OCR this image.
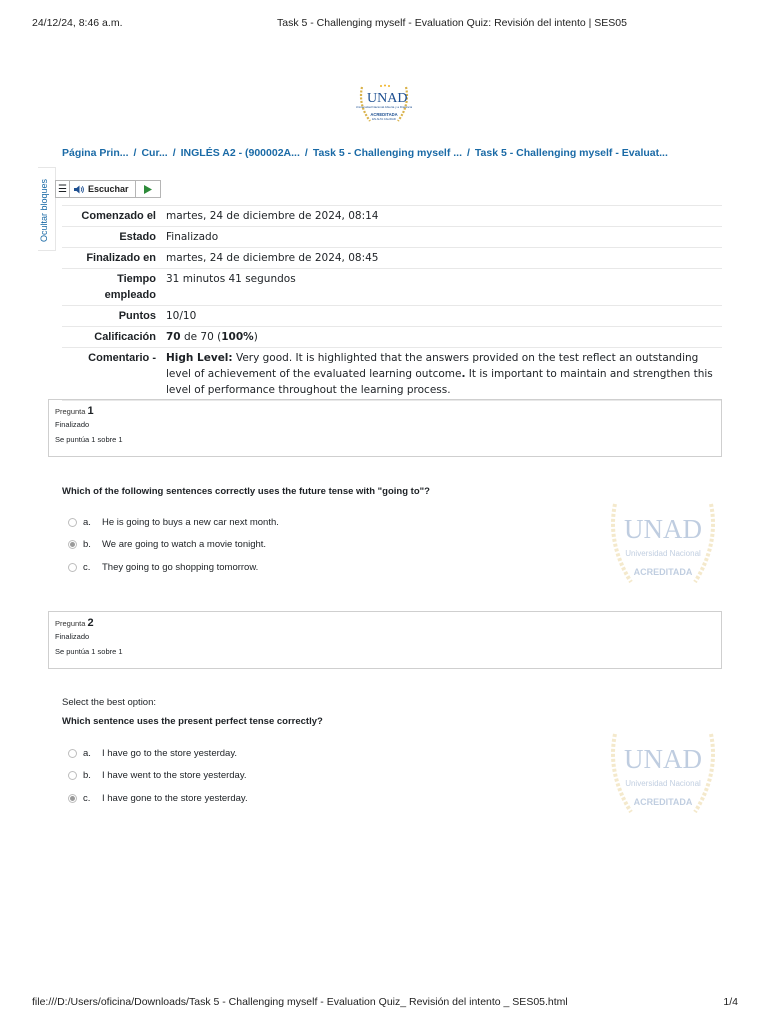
24/12/24, 8:46 a.m.	Task 5 - Challenging myself - Evaluation Quiz: Revisión del intento | SES05
UNAD
Universidad Nacional Abierta y a Distancia
ACREDITADA
EN ALTA CALIDAD
Página Prin... / Cur... / INGLÉS A2 - (900002A... / Task 5 - Challenging myself ... / Task 5 - Challenging myself - Evaluat...
Ocultar bloques ☰	Escuchar
Comenzado el	martes, 24 de diciembre de 2024, 08:14
Estado	Finalizado
Finalizado en	martes, 24 de diciembre de 2024, 08:45
Tiempo empleado	31 minutos 41 segundos
Puntos	10/10
Calificación	70 de 70 (100%)
Comentario -	High Level: Very good. It is highlighted that the answers provided on the test reflect an outstanding level of achievement of the evaluated learning outcome. It is important to maintain and strengthen this level of performance throughout the learning process.
Pregunta 1
Finalizado
Se puntúa 1 sobre 1
Which of the following sentences correctly uses the future tense with "going to"?
a.	He is going to buys a new car next month.
b.	We are going to watch a movie tonight.
c.	They going to go shopping tomorrow.
UNAD
Universidad Nacional
ACREDITADA
Pregunta 2
Finalizado
Se puntúa 1 sobre 1
Select the best option:
Which sentence uses the present perfect tense correctly?
a.	I have go to the store yesterday.
b.	I have went to the store yesterday.
c.	I have gone to the store yesterday.
UNAD
Universidad Nacional
ACREDITADA
file:///D:/Users/oficina/Downloads/Task 5 - Challenging myself - Evaluation Quiz_ Revisión del intento _ SES05.html	1/4
